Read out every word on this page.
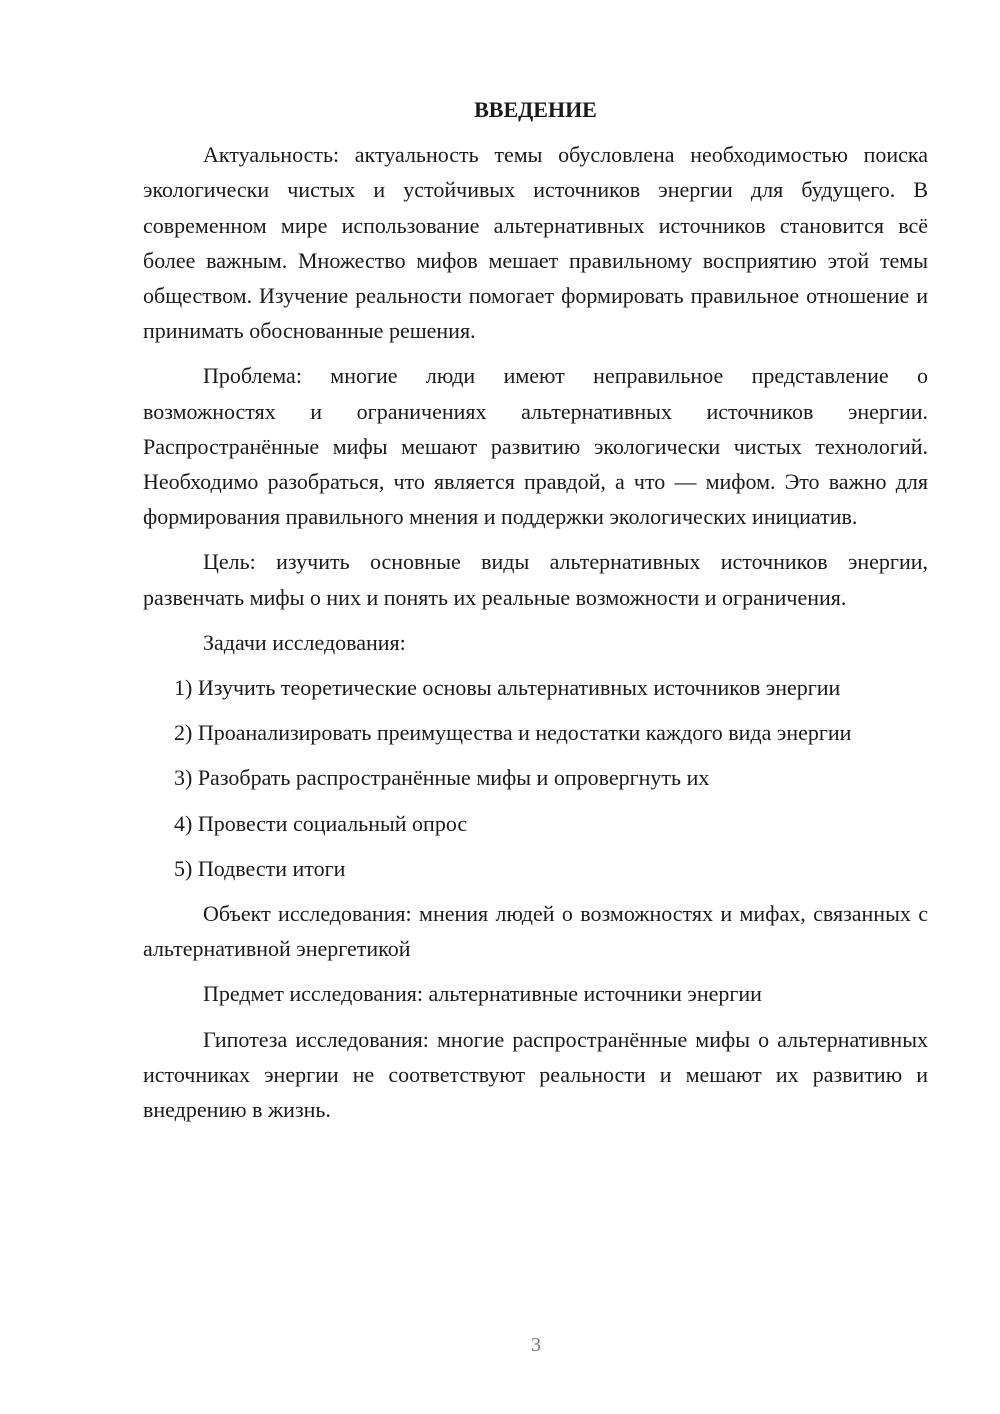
ВВЕДЕНИЕ

Актуальность: актуальность темы обусловлена необходимостью поиска экологически чистых и устойчивых источников энергии для будущего. В современном мире использование альтернативных источников становится всё более важным. Множество мифов мешает правильному восприятию этой темы обществом. Изучение реальности помогает формировать правильное отношение и принимать обоснованные решения.

Проблема: многие люди имеют неправильное представление о возможностях и ограничениях альтернативных источников энергии. Распространённые мифы мешают развитию экологически чистых технологий. Необходимо разобраться, что является правдой, а что — мифом. Это важно для формирования правильного мнения и поддержки экологических инициатив.

Цель: изучить основные виды альтернативных источников энергии, развенчать мифы о них и понять их реальные возможности и ограничения.

Задачи исследования:

1) Изучить теоретические основы альтернативных источников энергии

2) Проанализировать преимущества и недостатки каждого вида энергии

3) Разобрать распространённые мифы и опровергнуть их

4) Провести социальный опрос

5) Подвести итоги

Объект исследования: мнения людей о возможностях и мифах, связанных с альтернативной энергетикой

Предмет исследования: альтернативные источники энергии

Гипотеза исследования: многие распространённые мифы о альтернативных источниках энергии не соответствуют реальности и мешают их развитию и внедрению в жизнь.

3
